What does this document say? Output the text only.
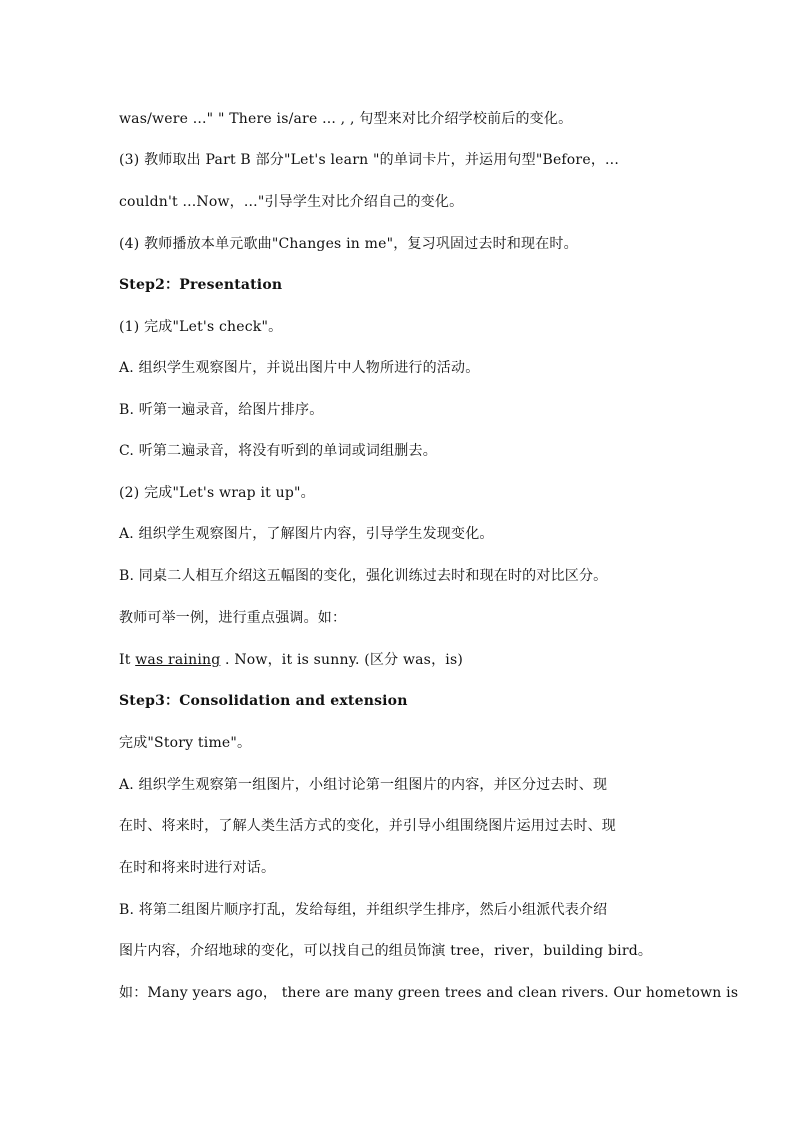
was/were ..." " There is/are ... , , 句型来对比介绍学校前后的变化。
(3) 教师取出 Part B 部分"Let's learn "的单词卡片，并运用句型"Before，...
couldn't ...Now，..."引导学生对比介绍自己的变化。
(4) 教师播放本单元歌曲"Changes in me"，复习巩固过去时和现在时。
Step2：Presentation
(1) 完成"Let's check"。
A. 组织学生观察图片，并说出图片中人物所进行的活动。
B. 听第一遍录音，给图片排序。
C. 听第二遍录音，将没有听到的单词或词组删去。
(2) 完成"Let's wrap it up"。
A. 组织学生观察图片，了解图片内容，引导学生发现变化。
B. 同桌二人相互介绍这五幅图的变化，强化训练过去时和现在时的对比区分。
教师可举一例，进行重点强调。如：
It was raining . Now，it is sunny. (区分 was，is)
Step3：Consolidation and extension
完成"Story time"。
A. 组织学生观察第一组图片，小组讨论第一组图片的内容，并区分过去时、现
在时、将来时，了解人类生活方式的变化，并引导小组围绕图片运用过去时、现
在时和将来时进行对话。
B. 将第二组图片顺序打乱，发给每组，并组织学生排序，然后小组派代表介绍
图片内容，介绍地球的变化，可以找自己的组员饰演 tree，river，building bird。
如：Many years ago， there are many green trees and clean rivers. Our hometown is
